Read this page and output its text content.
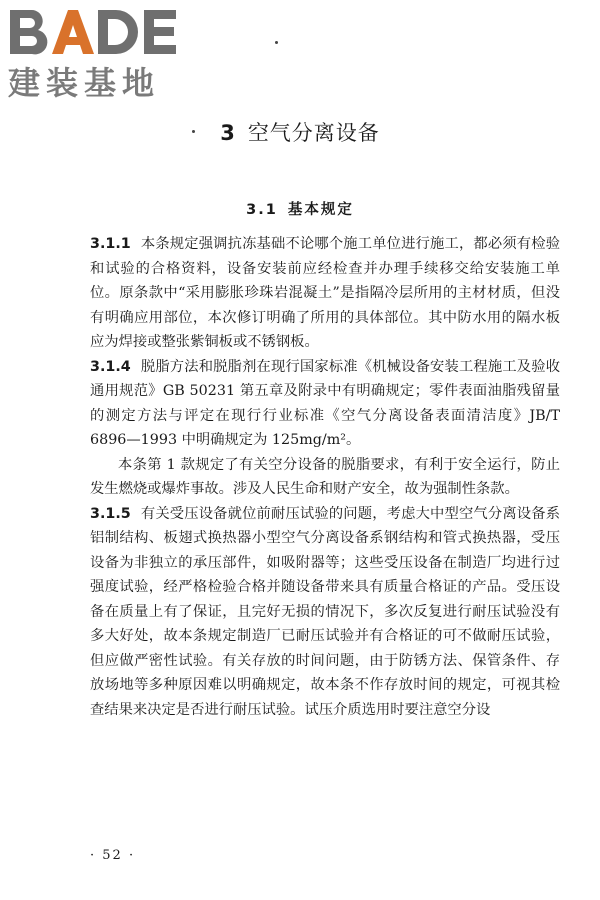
建装基地
3 空气分离设备
3.1 基本规定

3.1.1 本条规定强调抗冻基础不论哪个施工单位进行施工，都必须有检验和试验的合格资料，设备安装前应经检查并办理手续移交给安装施工单位。原条款中“采用膨胀珍珠岩混凝土”是指隔冷层所用的主材材质，但没有明确应用部位，本次修订明确了所用的具体部位。其中防水用的隔水板应为焊接或整张紫铜板或不锈钢板。

3.1.4 脱脂方法和脱脂剂在现行国家标准《机械设备安装工程施工及验收通用规范》GB 50231 第五章及附录中有明确规定；零件表面油脂残留量的测定方法与评定在现行行业标准《空气分离设备表面清洁度》JB/T 6896—1993 中明确规定为 125mg/m²。

本条第 1 款规定了有关空分设备的脱脂要求，有利于安全运行，防止发生燃烧或爆炸事故。涉及人民生命和财产安全，故为强制性条款。

3.1.5 有关受压设备就位前耐压试验的问题，考虑大中型空气分离设备系铝制结构、板翅式换热器小型空气分离设备系钢结构和管式换热器，受压设备为非独立的承压部件，如吸附器等；这些受压设备在制造厂均进行过强度试验，经严格检验合格并随设备带来具有质量合格证的产品。受压设备在质量上有了保证，且完好无损的情况下，多次反复进行耐压试验没有多大好处，故本条规定制造厂已耐压试验并有合格证的可不做耐压试验，但应做严密性试验。有关存放的时间问题，由于防锈方法、保管条件、存放场地等多种原因难以明确规定，故本条不作存放时间的规定，可视其检查结果来决定是否进行耐压试验。试压介质选用时要注意空分设

· 52 ·
